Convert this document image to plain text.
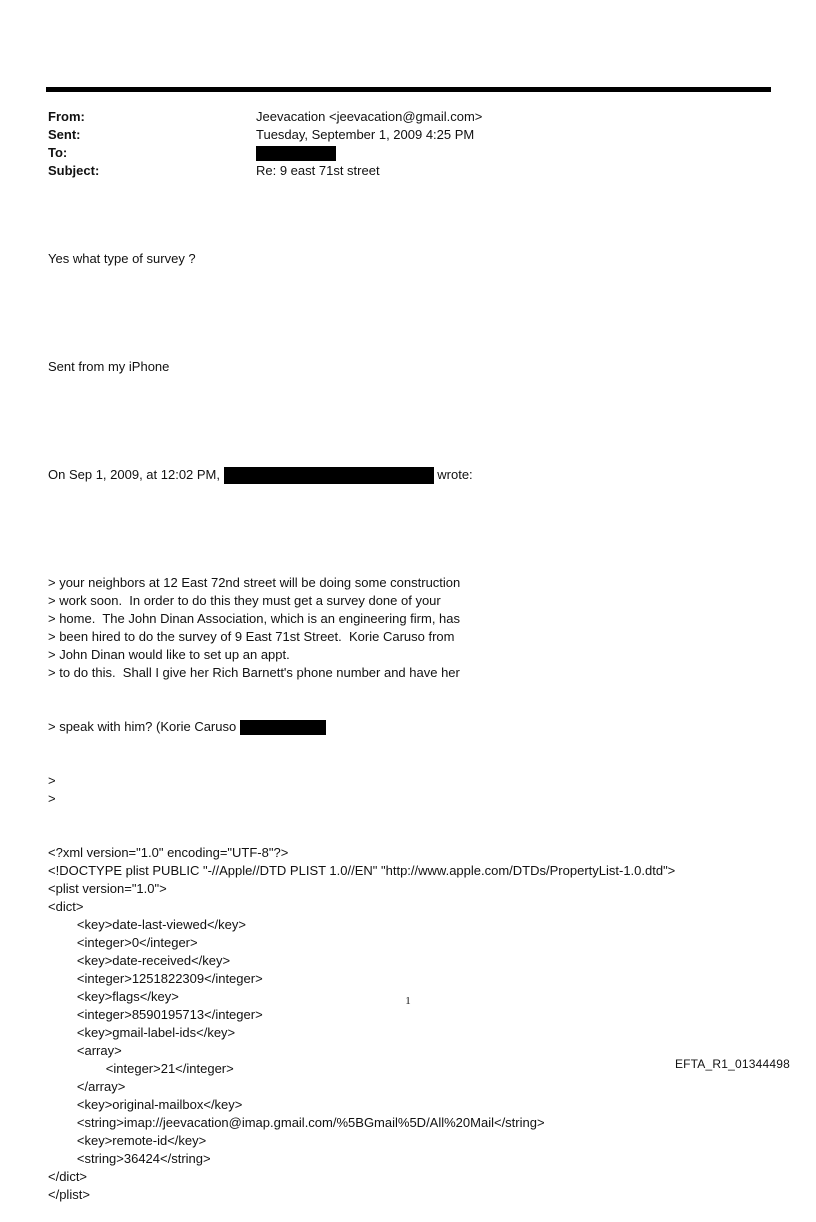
From:	Jeevacation <jeevacation@gmail.com>
Sent:	Tuesday, September 1, 2009 4:25 PM
To:
Subject:	Re: 9 east 71st street

Yes what type of survey ?

Sent from my iPhone

On Sep 1, 2009, at 12:02 PM,	wrote:

> your neighbors at 12 East 72nd street will be doing some construction
> work soon.  In order to do this they must get a survey done of your
> home.  The John Dinan Association, which is an engineering firm, has
> been hired to do the survey of 9 East 71st Street.  Korie Caruso from
> John Dinan would like to set up an appt.
> to do this.  Shall I give her Rich Barnett's phone number and have her

> speak with him? (Korie Caruso

>
>

<?xml version="1.0" encoding="UTF-8"?>
<!DOCTYPE plist PUBLIC "-//Apple//DTD PLIST 1.0//EN" "http://www.apple.com/DTDs/PropertyList-1.0.dtd">
<plist version="1.0">
<dict>
<key>date-last-viewed</key>
<integer>0</integer>
<key>date-received</key>
<integer>1251822309</integer>
<key>flags</key>
<integer>8590195713</integer>
<key>gmail-label-ids</key>
<array>
<integer>21</integer>
</array>
<key>original-mailbox</key>
<string>imap://jeevacation@imap.gmail.com/%5BGmail%5D/All%20Mail</string>
<key>remote-id</key>
<string>36424</string>
</dict>
</plist>

1
EFTA_R1_01344498
